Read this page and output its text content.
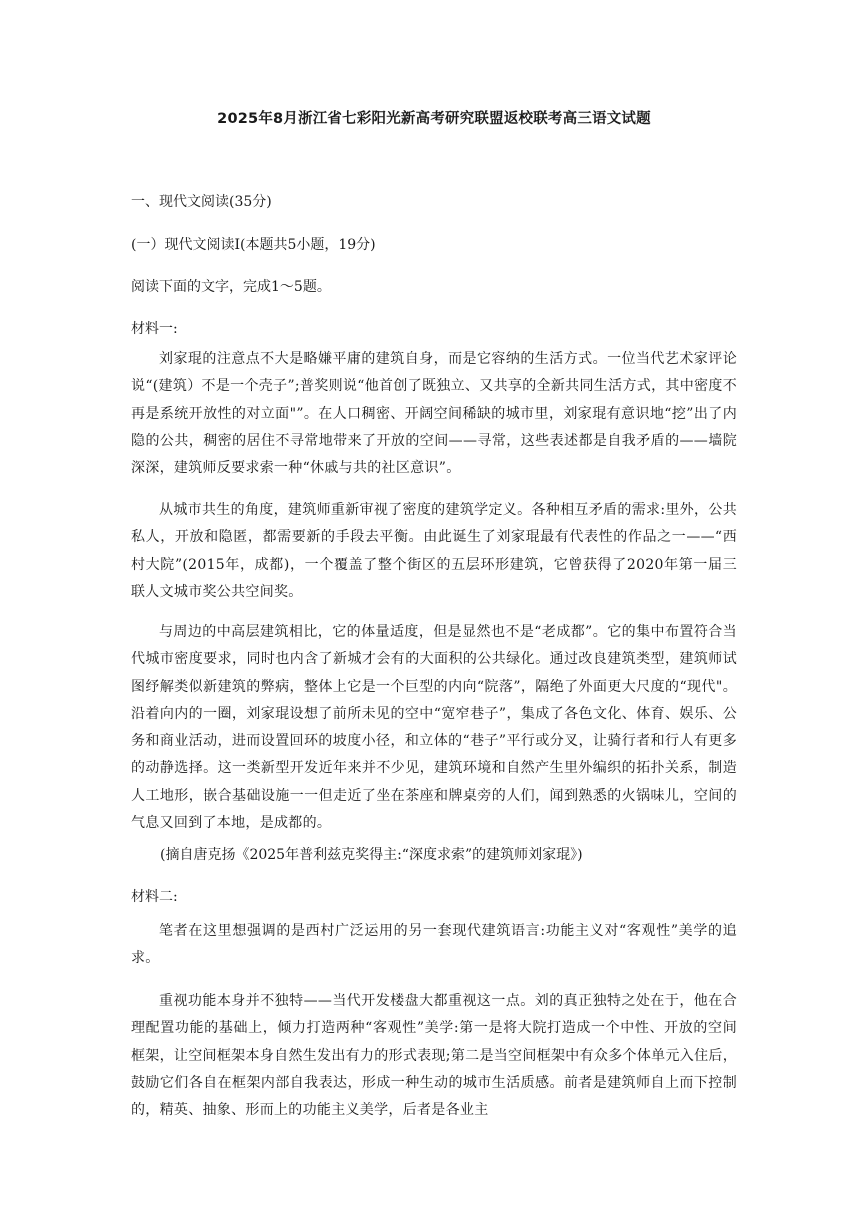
2025年8月浙江省七彩阳光新高考研究联盟返校联考高三语文试题
一、现代文阅读(35分)
(一）现代文阅读Ⅰ(本题共5小题，19分)
阅读下面的文字，完成1～5题。
材料一:
刘家琨的注意点不大是略嫌平庸的建筑自身，而是它容纳的生活方式。一位当代艺术家评论说“(建筑）不是一个壳子”;普奖则说“他首创了既独立、又共享的全新共同生活方式，其中密度不再是系统开放性的对立面"”。在人口稠密、开阔空间稀缺的城市里，刘家琨有意识地“挖”出了内隐的公共，稠密的居住不寻常地带来了开放的空间——寻常，这些表述都是自我矛盾的——墙院深深，建筑师反要求索一种“休戚与共的社区意识”。
从城市共生的角度，建筑师重新审视了密度的建筑学定义。各种相互矛盾的需求:里外，公共私人，开放和隐匿，都需要新的手段去平衡。由此诞生了刘家琨最有代表性的作品之一——“西村大院”(2015年，成都)，一个覆盖了整个街区的五层环形建筑，它曾获得了2020年第一届三联人文城市奖公共空间奖。
与周边的中高层建筑相比，它的体量适度，但是显然也不是“老成都”。它的集中布置符合当代城市密度要求，同时也内含了新城才会有的大面积的公共绿化。通过改良建筑类型，建筑师试图纾解类似新建筑的弊病，整体上它是一个巨型的内向“院落”，隔绝了外面更大尺度的“现代"。沿着向内的一圈，刘家琨设想了前所未见的空中“宽窄巷子”，集成了各色文化、体育、娱乐、公务和商业活动，进而设置回环的坡度小径，和立体的“巷子”平行或分叉，让骑行者和行人有更多的动静选择。这一类新型开发近年来并不少见，建筑环境和自然产生里外编织的拓扑关系，制造人工地形，嵌合基础设施一一但走近了坐在茶座和牌桌旁的人们，闻到熟悉的火锅味儿，空间的气息又回到了本地，是成都的。
(摘自唐克扬《2025年普利兹克奖得主:“深度求索”的建筑师刘家琨》)
材料二:
笔者在这里想强调的是西村广泛运用的另一套现代建筑语言:功能主义对“客观性”美学的追求。
重视功能本身并不独特——当代开发楼盘大都重视这一点。刘的真正独特之处在于，他在合理配置功能的基础上，倾力打造两种“客观性”美学:第一是将大院打造成一个中性、开放的空间框架，让空间框架本身自然生发出有力的形式表现;第二是当空间框架中有众多个体单元入住后，鼓励它们各自在框架内部自我表达，形成一种生动的城市生活质感。前者是建筑师自上而下控制的，精英、抽象、形而上的功能主义美学，后者是各业主
